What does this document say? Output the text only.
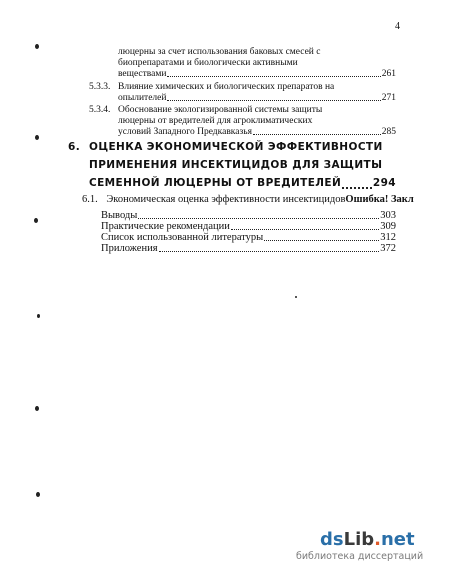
4
люцерны за счет использования баковых смесей с
биопрепаратами и биологически активными
веществами	261
5.3.3. Влияние химических и биологических препаратов на
опылителей	271
5.3.4. Обоснование экологизированной системы защиты
люцерны от вредителей для агроклиматических
условий Западного Предкавказья	285
6. ОЦЕНКА ЭКОНОМИЧЕСКОЙ ЭФФЕКТИВНОСТИ
ПРИМЕНЕНИЯ ИНСЕКТИЦИДОВ ДЛЯ ЗАЩИТЫ
СЕМЕННОЙ ЛЮЦЕРНЫ ОТ ВРЕДИТЕЛЕЙ	294
6.1. Экономическая оценка эффективности инсектицидовОшибка! Закл
Выводы	303
Практические рекомендации	309
Список использованной литературы	312
Приложения	372
dsLib.net
библиотека диссертаций
